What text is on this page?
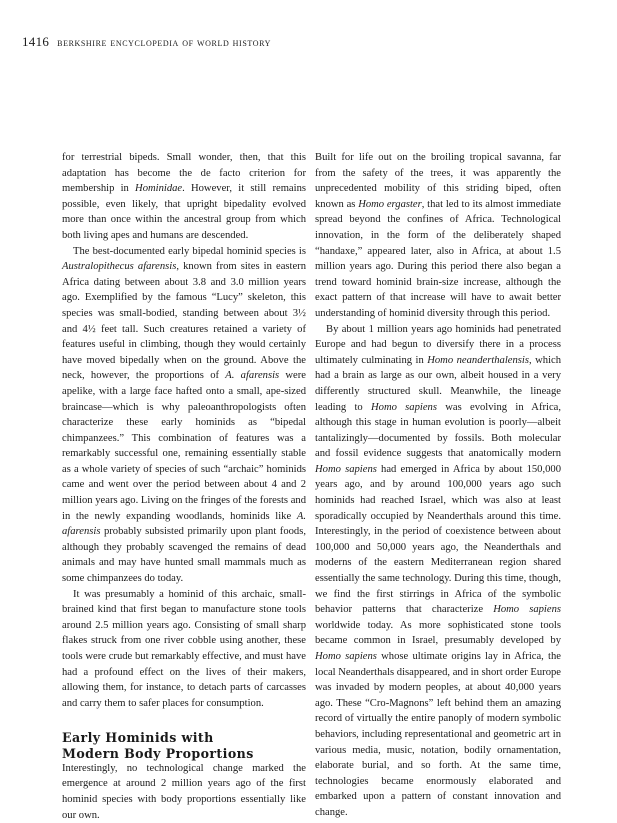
1416 berkshire encyclopedia of world history

for terrestrial bipeds. Small wonder, then, that this adaptation has become the de facto criterion for membership in Hominidae. However, it still remains possible, even likely, that upright bipedality evolved more than once within the ancestral group from which both living apes and humans are descended.

The best-documented early bipedal hominid species is Australopithecus afarensis, known from sites in eastern Africa dating between about 3.8 and 3.0 million years ago. Exemplified by the famous “Lucy” skeleton, this species was small-bodied, standing between about 3½ and 4½ feet tall. Such creatures retained a variety of features useful in climbing, though they would certainly have moved bipedally when on the ground. Above the neck, however, the proportions of A. afarensis were apelike, with a large face hafted onto a small, ape-sized braincase—which is why paleoanthropologists often characterize these early hominids as “bipedal chimpanzees.” This combination of features was a remarkably successful one, remaining essentially stable as a whole variety of species of such “archaic” hominids came and went over the period between about 4 and 2 million years ago. Living on the fringes of the forests and in the newly expanding woodlands, hominids like A. afarensis probably subsisted primarily upon plant foods, although they probably scavenged the remains of dead animals and may have hunted small mammals much as some chimpanzees do today.

It was presumably a hominid of this archaic, small-brained kind that first began to manufacture stone tools around 2.5 million years ago. Consisting of small sharp flakes struck from one river cobble using another, these tools were crude but remarkably effective, and must have had a profound effect on the lives of their makers, allowing them, for instance, to detach parts of carcasses and carry them to safer places for consumption.

Early Hominids with
Modern Body Proportions

Interestingly, no technological change marked the emergence at around 2 million years ago of the first hominid species with body proportions essentially like our own.

Built for life out on the broiling tropical savanna, far from the safety of the trees, it was apparently the unprecedented mobility of this striding biped, often known as Homo ergaster, that led to its almost immediate spread beyond the confines of Africa. Technological innovation, in the form of the deliberately shaped “handaxe,” appeared later, also in Africa, at about 1.5 million years ago. During this period there also began a trend toward hominid brain-size increase, although the exact pattern of that increase will have to await better understanding of hominid diversity through this period.

By about 1 million years ago hominids had penetrated Europe and had begun to diversify there in a process ultimately culminating in Homo neanderthalensis, which had a brain as large as our own, albeit housed in a very differently structured skull. Meanwhile, the lineage leading to Homo sapiens was evolving in Africa, although this stage in human evolution is poorly—albeit tantalizingly—documented by fossils. Both molecular and fossil evidence suggests that anatomically modern Homo sapiens had emerged in Africa by about 150,000 years ago, and by around 100,000 years ago such hominids had reached Israel, which was also at least sporadically occupied by Neanderthals around this time. Interestingly, in the period of coexistence between about 100,000 and 50,000 years ago, the Neanderthals and moderns of the eastern Mediterranean region shared essentially the same technology. During this time, though, we find the first stirrings in Africa of the symbolic behavior patterns that characterize Homo sapiens worldwide today. As more sophisticated stone tools became common in Israel, presumably developed by Homo sapiens whose ultimate origins lay in Africa, the local Neanderthals disappeared, and in short order Europe was invaded by modern peoples, at about 40,000 years ago. These “Cro-Magnons” left behind them an amazing record of virtually the entire panoply of modern symbolic behaviors, including representational and geometric art in various media, music, notation, bodily ornamentation, elaborate burial, and so forth. At the same time, technologies became enormously elaborated and embarked upon a pattern of constant innovation and change.
